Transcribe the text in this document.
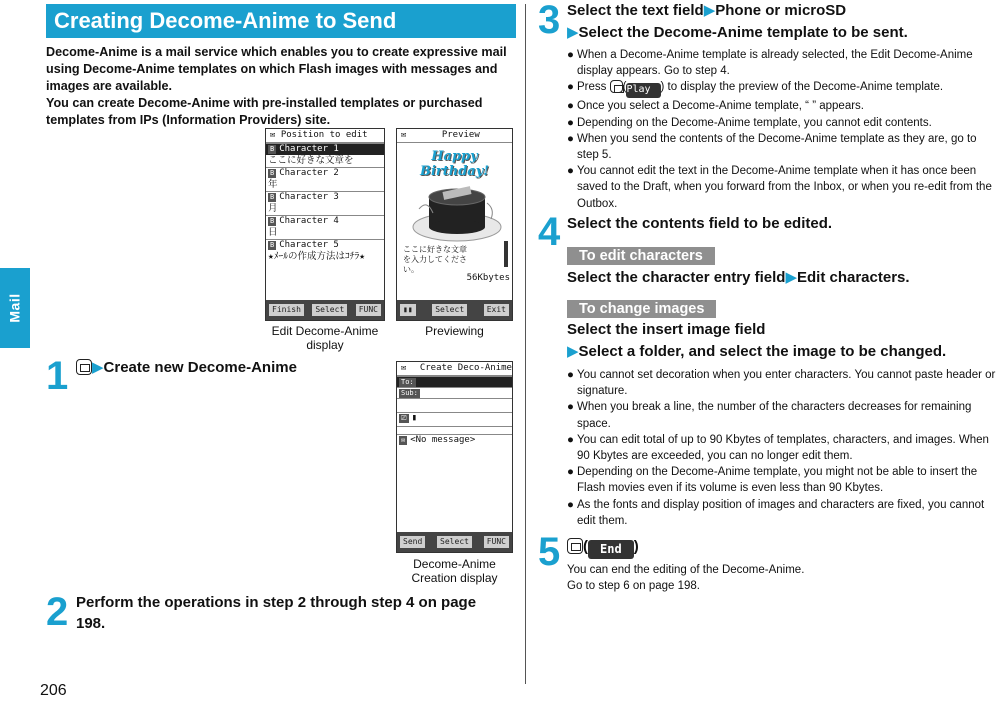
Mail
206
Creating Decome-Anime to Send
Decome-Anime is a mail service which enables you to create expressive mail using Decome-Anime templates on which Flash images with messages and images are available.
You can create Decome-Anime with pre-installed templates or purchased templates from IPs (Information Providers) site.
✉ Position to edit
B Character 1
ここに好きな文章を
B Character 2
年
B Character 3
月
B Character 4
日
B Character 5
★ﾒｰﾙの作成方法はｺﾁﾗ★
Finish	Select	FUNC
Edit Decome-Anime display
✉	Preview
Happy Birthday!
ここに好きな文章を入力してください。
56Kbytes
▮▮	Select	Exit
Previewing
1	▶Create new Decome-Anime	✉ Create Deco-Anime
To:
Sub:
⎚ ▮
✉ <No message>
Send	Select	FUNC
Decome-Anime Creation display
2 Perform the operations in step 2 through step 4 on page 198.
3 Select the text field▶Phone or microSD
▶Select the Decome-Anime template to be sent.
● When a Decome-Anime template is already selected, the Edit Decome-Anime display appears. Go to step 4.
● Press (Play ) to display the preview of the Decome-Anime template.
● Once you select a Decome-Anime template, “ ” appears.
● Depending on the Decome-Anime template, you cannot edit contents.
● When you send the contents of the Decome-Anime template as they are, go to step 5.
● You cannot edit the text in the Decome-Anime template when it has once been saved to the Draft, when you forward from the Inbox, or when you re-edit from the Outbox.
4 Select the contents field to be edited.
To edit characters
Select the character entry field▶Edit characters.
To change images
Select the insert image field
▶Select a folder, and select the image to be changed.
● You cannot set decoration when you enter characters. You cannot paste header or signature.
● When you break a line, the number of the characters decreases for remaining space.
● You can edit total of up to 90 Kbytes of templates, characters, and images. When 90 Kbytes are exceeded, you can no longer edit them.
● Depending on the Decome-Anime template, you might not be able to insert the Flash movies even if its volume is even less than 90 Kbytes.
● As the fonts and display position of images and characters are fixed, you cannot edit them.
5	( End )
You can end the editing of the Decome-Anime.
Go to step 6 on page 198.
